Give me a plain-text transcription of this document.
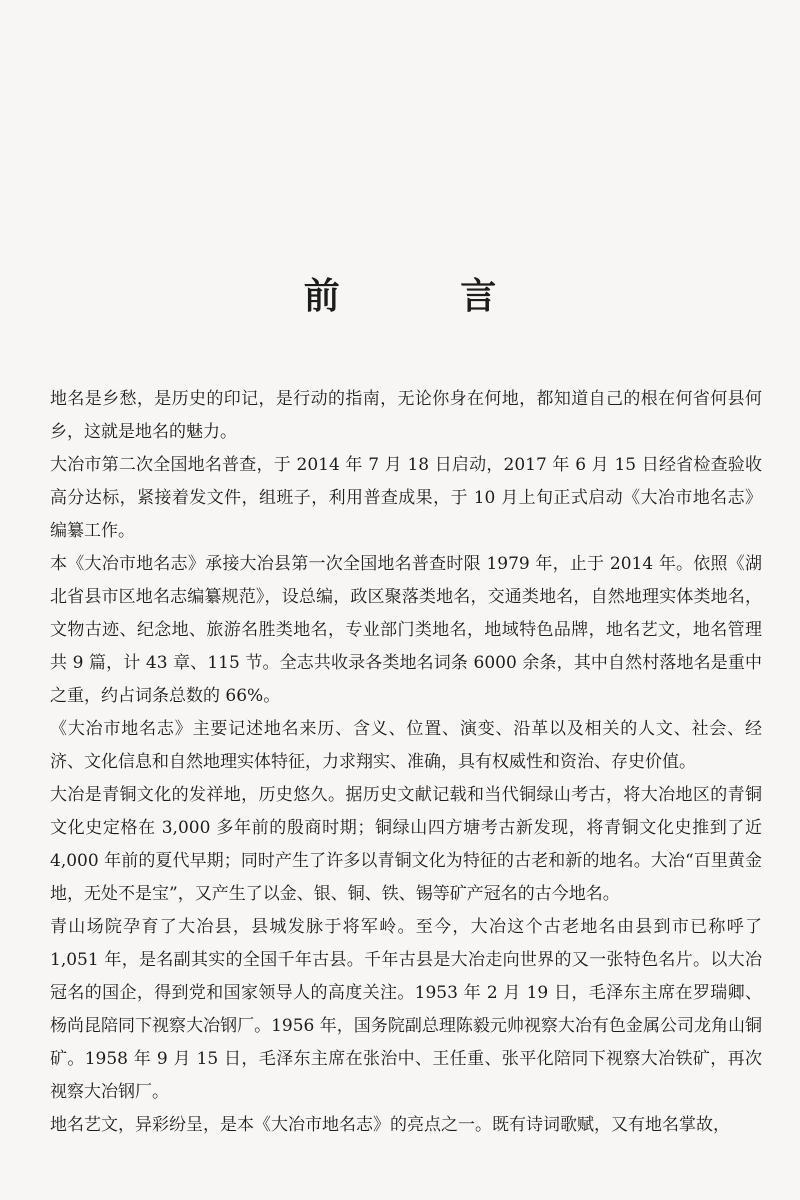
前 言

地名是乡愁，是历史的印记，是行动的指南，无论你身在何地，都知道自己的根在何省何县何乡，这就是地名的魅力。

大冶市第二次全国地名普查，于 2014 年 7 月 18 日启动，2017 年 6 月 15 日经省检查验收高分达标，紧接着发文件，组班子，利用普查成果，于 10 月上旬正式启动《大冶市地名志》编纂工作。

本《大冶市地名志》承接大冶县第一次全国地名普查时限 1979 年，止于 2014 年。依照《湖北省县市区地名志编纂规范》，设总编，政区聚落类地名，交通类地名，自然地理实体类地名，文物古迹、纪念地、旅游名胜类地名，专业部门类地名，地域特色品牌，地名艺文，地名管理共 9 篇，计 43 章、115 节。全志共收录各类地名词条 6000 余条，其中自然村落地名是重中之重，约占词条总数的 66%。

《大冶市地名志》主要记述地名来历、含义、位置、演变、沿革以及相关的人文、社会、经济、文化信息和自然地理实体特征，力求翔实、准确，具有权威性和资治、存史价值。

大冶是青铜文化的发祥地，历史悠久。据历史文献记载和当代铜绿山考古，将大冶地区的青铜文化史定格在 3,000 多年前的殷商时期；铜绿山四方塘考古新发现，将青铜文化史推到了近 4,000 年前的夏代早期；同时产生了许多以青铜文化为特征的古老和新的地名。大冶“百里黄金地，无处不是宝”，又产生了以金、银、铜、铁、锡等矿产冠名的古今地名。

青山场院孕育了大冶县，县城发脉于将军岭。至今，大冶这个古老地名由县到市已称呼了 1,051 年，是名副其实的全国千年古县。千年古县是大冶走向世界的又一张特色名片。以大冶冠名的国企，得到党和国家领导人的高度关注。1953 年 2 月 19 日，毛泽东主席在罗瑞卿、杨尚昆陪同下视察大冶钢厂。1956 年，国务院副总理陈毅元帅视察大冶有色金属公司龙角山铜矿。1958 年 9 月 15 日，毛泽东主席在张治中、王任重、张平化陪同下视察大冶铁矿，再次视察大冶钢厂。

地名艺文，异彩纷呈，是本《大冶市地名志》的亮点之一。既有诗词歌赋，又有地名掌故，
